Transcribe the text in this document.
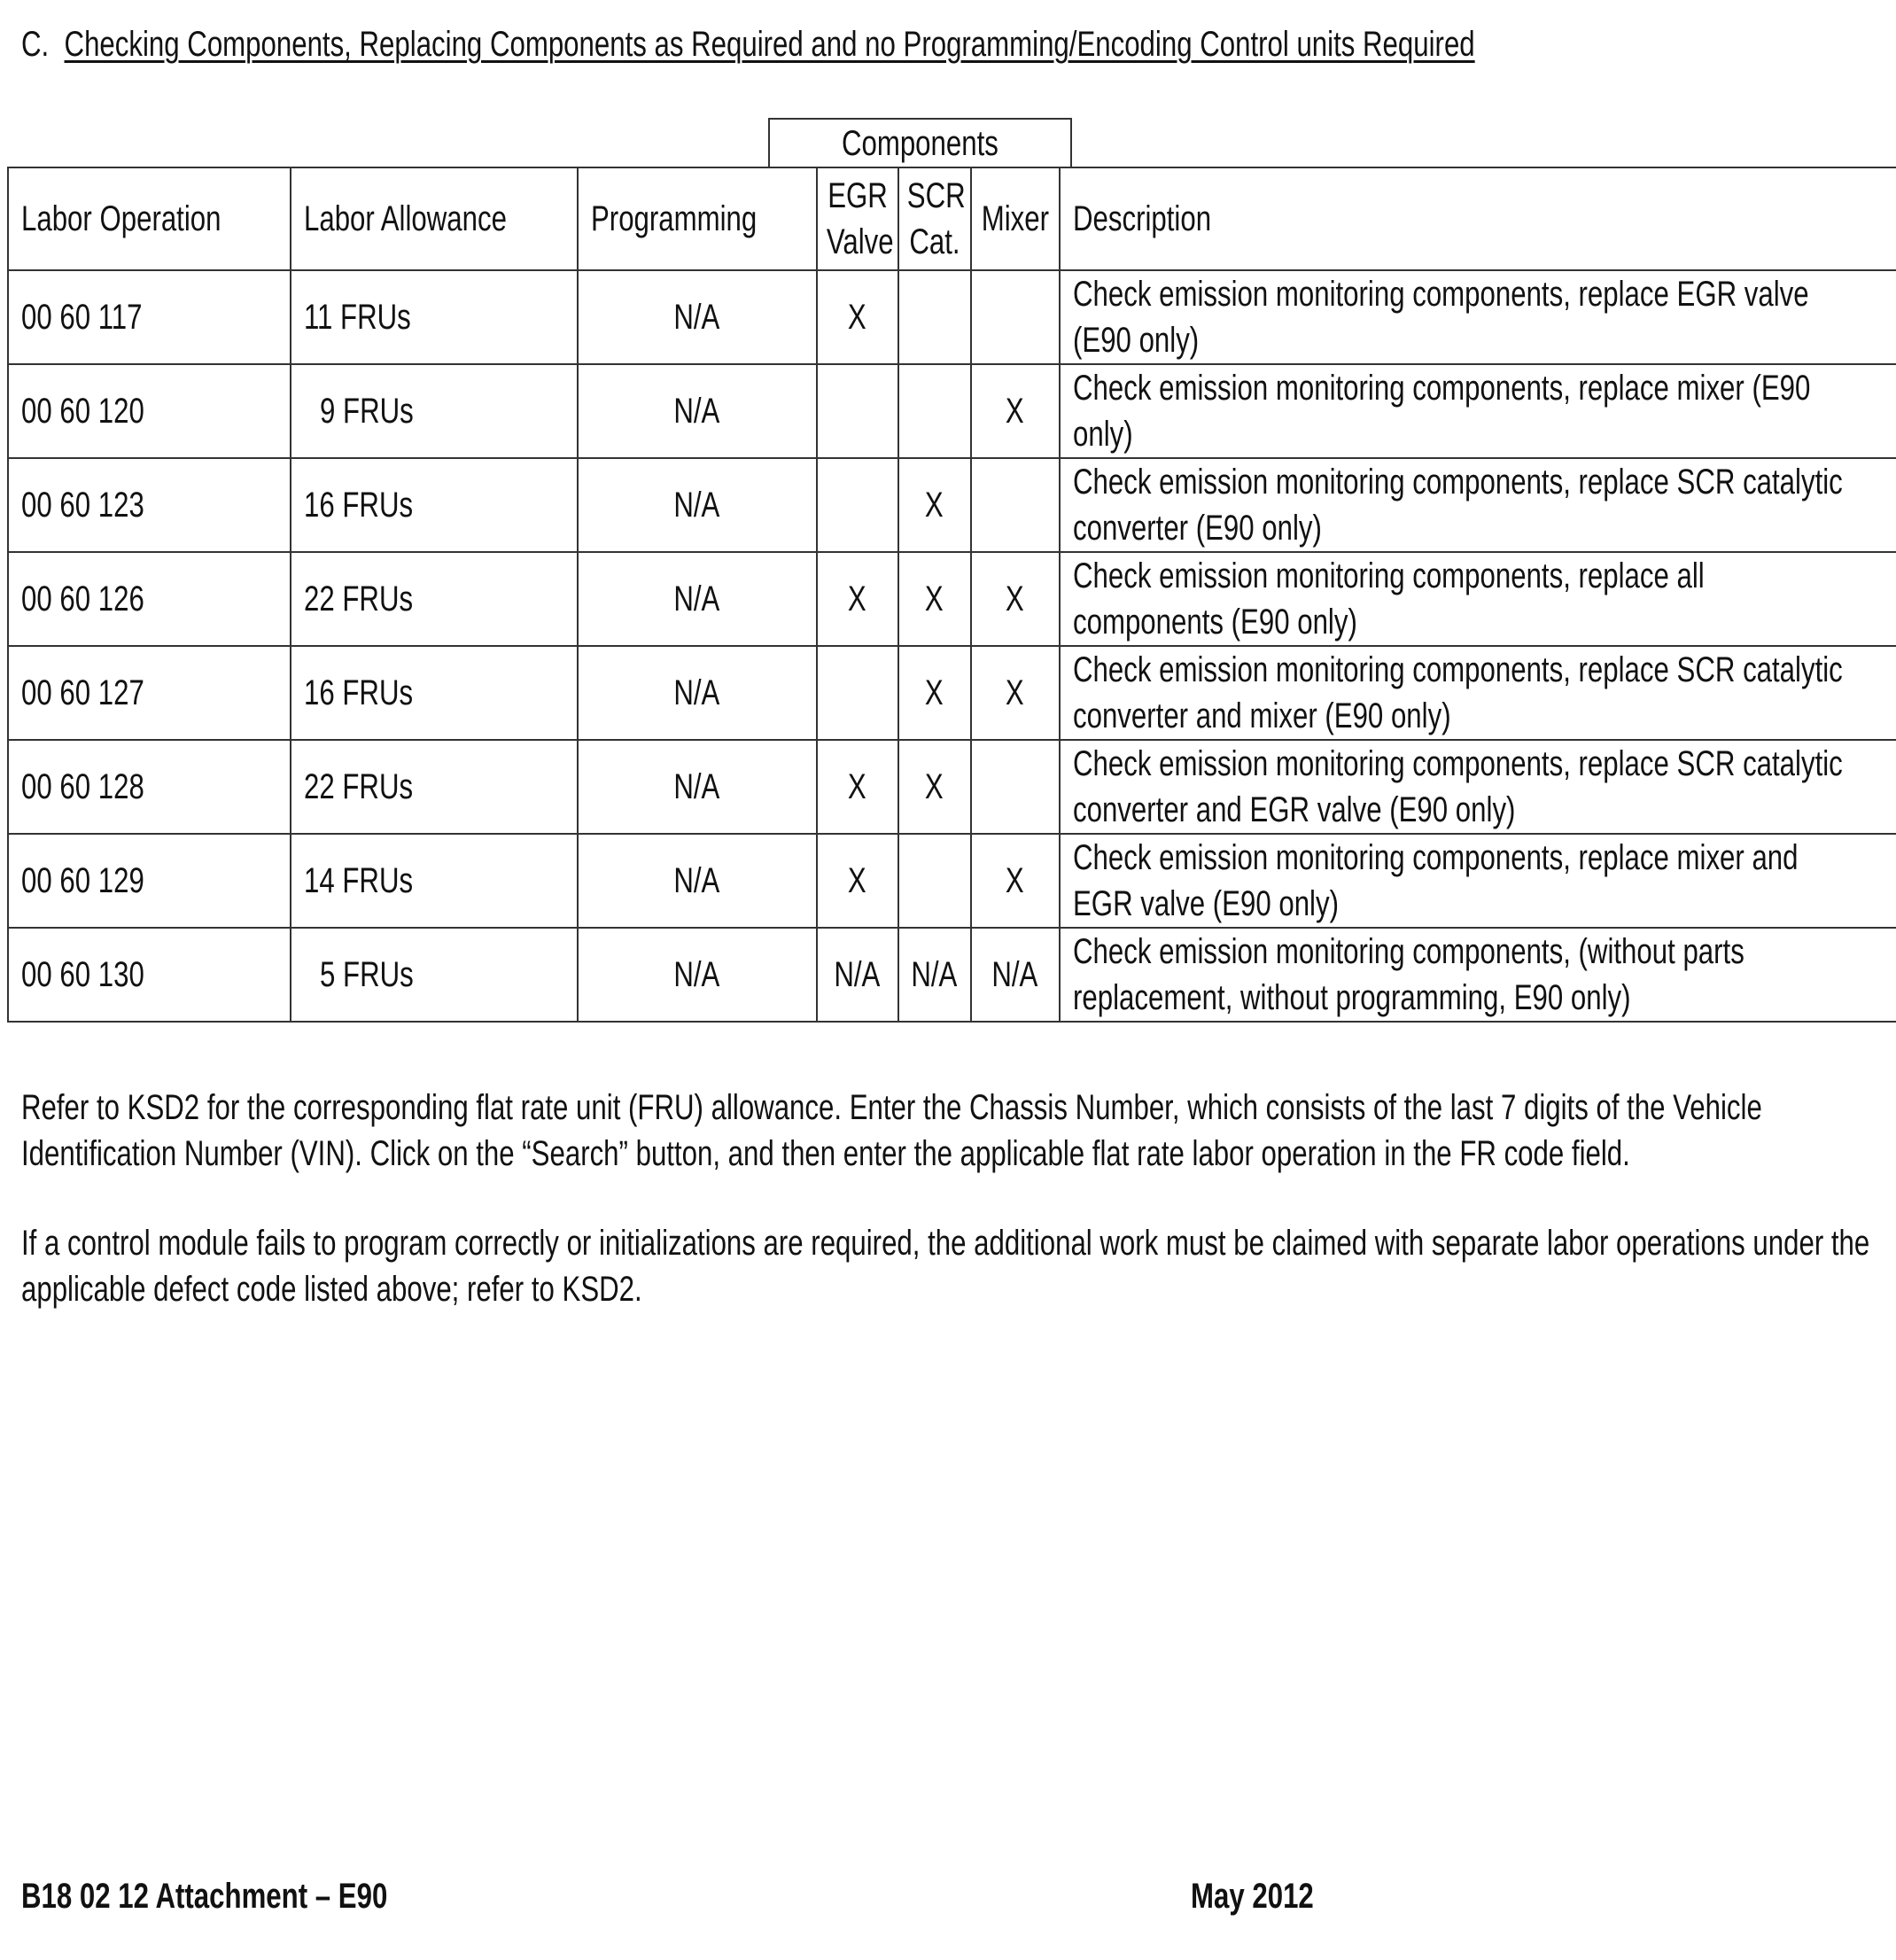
C. Checking Components, Replacing Components as Required and no Programming/Encoding Control units Required
Components
Labor Operation	Labor Allowance	Programming	EGR Valve	SCR Cat.	Mixer	Description
00 60 117	11 FRUs	N/A	X			Check emission monitoring components, replace EGR valve (E90 only)
00 60 120	9 FRUs	N/A			X	Check emission monitoring components, replace mixer (E90 only)
00 60 123	16 FRUs	N/A		X		Check emission monitoring components, replace SCR catalytic converter (E90 only)
00 60 126	22 FRUs	N/A	X	X	X	Check emission monitoring components, replace all components (E90 only)
00 60 127	16 FRUs	N/A		X	X	Check emission monitoring components, replace SCR catalytic converter and mixer (E90 only)
00 60 128	22 FRUs	N/A	X	X		Check emission monitoring components, replace SCR catalytic converter and EGR valve (E90 only)
00 60 129	14 FRUs	N/A	X		X	Check emission monitoring components, replace mixer and EGR valve (E90 only)
00 60 130	5 FRUs	N/A	N/A	N/A	N/A	Check emission monitoring components, (without parts replacement, without programming, E90 only)
Refer to KSD2 for the corresponding flat rate unit (FRU) allowance. Enter the Chassis Number, which consists of the last 7 digits of the Vehicle Identification Number (VIN). Click on the “Search” button, and then enter the applicable flat rate labor operation in the FR code field.
If a control module fails to program correctly or initializations are required, the additional work must be claimed with separate labor operations under the applicable defect code listed above; refer to KSD2.
B18 02 12 Attachment – E90	May 2012
